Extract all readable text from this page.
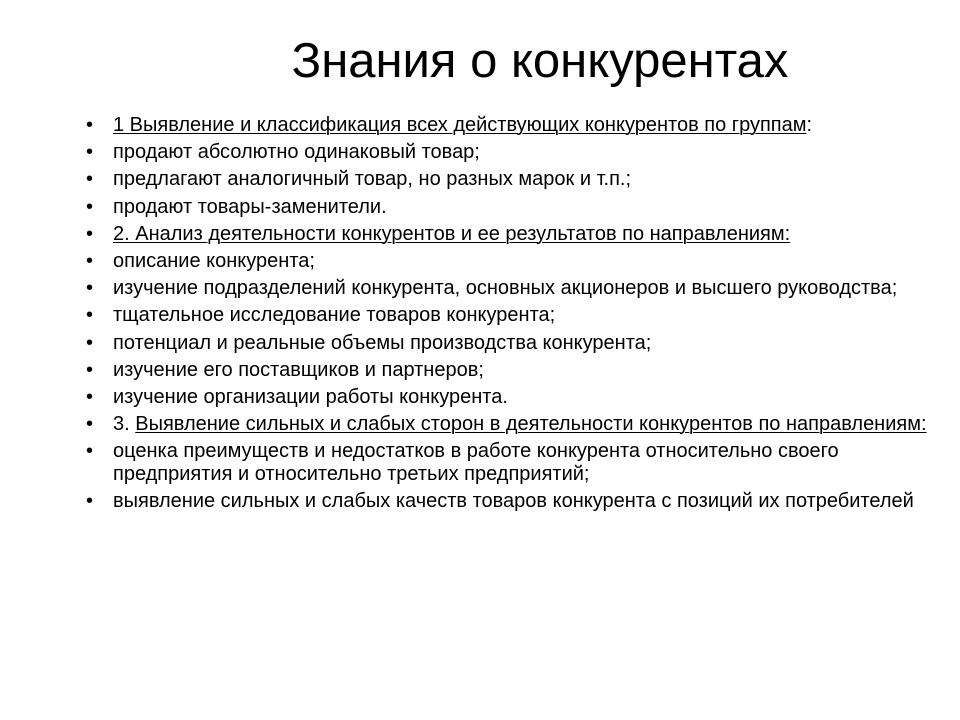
Знания о конкурентах
• 1 Выявление и классификация всех действующих конкурентов по группам:
• продают абсолютно одинаковый товар;
• предлагают аналогичный товар, но разных марок и т.п.;
• продают товары-заменители.
• 2. Анализ деятельности конкурентов и ее результатов по направлениям:
• описание конкурента;
• изучение подразделений конкурента, основных акционеров и высшего руководства;
• тщательное исследование товаров конкурента;
• потенциал и реальные объемы производства конкурента;
• изучение его поставщиков и партнеров;
• изучение организации работы конкурента.
• 3. Выявление сильных и слабых сторон в деятельности конкурентов по направлениям:
• оценка преимуществ и недостатков в работе конкурента относительно своего предприятия и относительно третьих предприятий;
• выявление сильных и слабых качеств товаров конкурента с позиций их потребителей
